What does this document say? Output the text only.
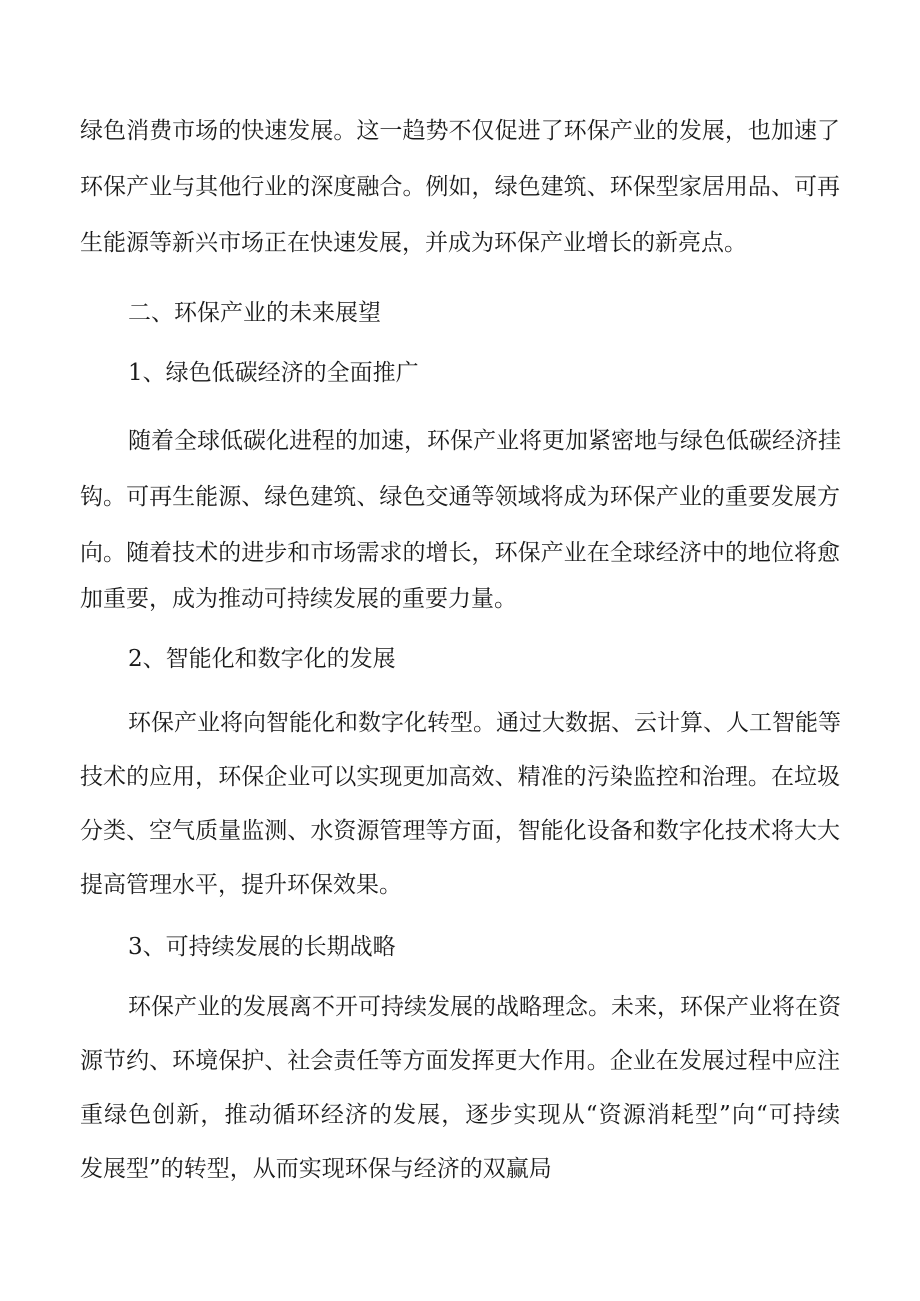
绿色消费市场的快速发展。这一趋势不仅促进了环保产业的发展，也加速了
环保产业与其他行业的深度融合。例如，绿色建筑、环保型家居用品、可再
生能源等新兴市场正在快速发展，并成为环保产业增长的新亮点。
二、环保产业的未来展望
1、绿色低碳经济的全面推广
随着全球低碳化进程的加速，环保产业将更加紧密地与绿色低碳经济挂
钩。可再生能源、绿色建筑、绿色交通等领域将成为环保产业的重要发展方
向。随着技术的进步和市场需求的增长，环保产业在全球经济中的地位将愈
加重要，成为推动可持续发展的重要力量。
2、智能化和数字化的发展
环保产业将向智能化和数字化转型。通过大数据、云计算、人工智能等
技术的应用，环保企业可以实现更加高效、精准的污染监控和治理。在垃圾
分类、空气质量监测、水资源管理等方面，智能化设备和数字化技术将大大
提高管理水平，提升环保效果。
3、可持续发展的长期战略
环保产业的发展离不开可持续发展的战略理念。未来，环保产业将在资
源节约、环境保护、社会责任等方面发挥更大作用。企业在发展过程中应注
重绿色创新，推动循环经济的发展，逐步实现从“资源消耗型”向“可持续
发展型”的转型，从而实现环保与经济的双赢局
